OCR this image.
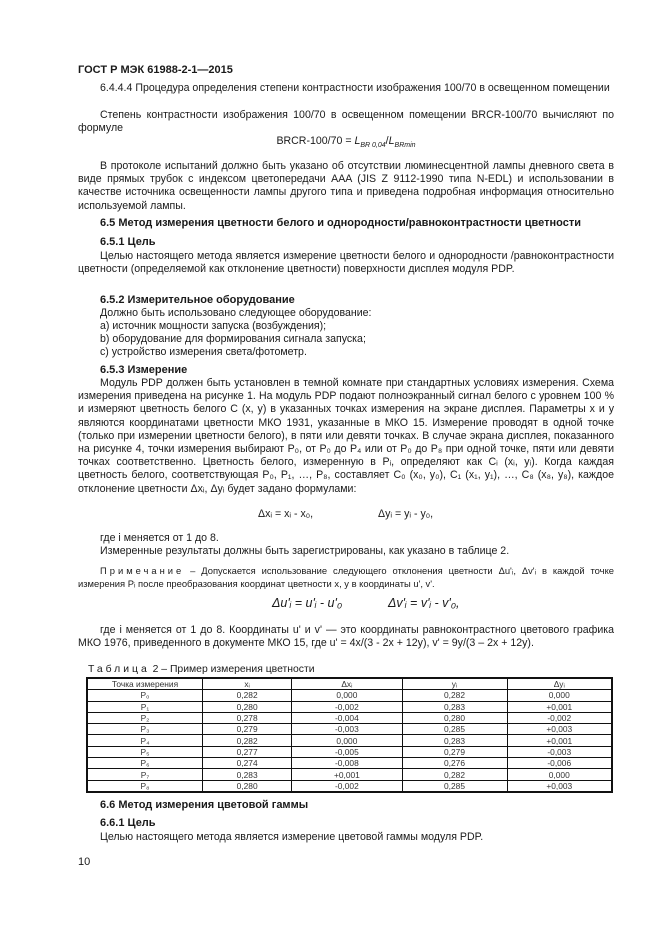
ГОСТ Р МЭК 61988-2-1—2015
6.4.4.4 Процедура определения степени контрастности изображения 100/70 в освещенном помещении
Степень контрастности изображения 100/70 в освещенном помещении BRCR-100/70 вычисляют по формуле
BRCR-100/70 = $L_{BR 0,04}/L_{BRmin}$
В протоколе испытаний должно быть указано об отсутствии люминесцентной лампы дневного света в виде прямых трубок с индексом цветопередачи AAA (JIS Z 9112-1990 типа N-EDL) и использовании в качестве источника освещенности лампы другого типа и приведена подробная информация относительно используемой лампы.
6.5 Метод измерения цветности белого и однородности/равноконтрастности цветности
6.5.1 Цель
Целью настоящего метода является измерение цветности белого и однородности /равноконтрастности цветности (определяемой как отклонение цветности) поверхности дисплея модуля PDP.
6.5.2 Измерительное оборудование
Должно быть использовано следующее оборудование:
a) источник мощности запуска (возбуждения);
b) оборудование для формирования сигнала запуска;
c) устройство измерения света/фотометр.
6.5.3 Измерение
Модуль PDP должен быть установлен в темной комнате при стандартных условиях измерения. Схема измерения приведена на рисунке 1. На модуль PDP подают полноэкранный сигнал белого с уровнем 100 % и измеряют цветность белого C (x, y) в указанных точках измерения на экране дисплея. Параметры x и y являются координатами цветности МКО 1931, указанные в МКО 15. Измерение проводят в одной точке (только при измерении цветности белого), в пяти или девяти точках. В случае экрана дисплея, показанного на рисунке 4, точки измерения выбирают P₀, от P₀ до P₄ или от P₀ до P₈ при одной точке, пяти или девяти точках соответственно. Цветность белого, измеренную в Pᵢ, определяют как Cᵢ (xᵢ, yᵢ). Когда каждая цветность белого, соответствующая P₀, P₁, …, P₈, составляет C₀ (x₀, y₀), C₁ (x₁, y₁), …, C₈ (x₈, y₈), каждое отклонение цветности Δxᵢ, Δyᵢ будет задано формулами:
Δxᵢ = xᵢ - x₀,	Δyᵢ = yᵢ - y₀,
где i меняется от 1 до 8.
Измеренные результаты должны быть зарегистрированы, как указано в таблице 2.
Примечание – Допускается использование следующего отклонения цветности Δu'ᵢ, Δv'ᵢ в каждой точке измерения Pᵢ после преобразования координат цветности x, y в координаты u', v'.
Δu'ᵢ = u'ᵢ - u'₀	Δv'ᵢ = v'ᵢ - v'₀,
где i меняется от 1 до 8. Координаты u' и v' — это координаты равноконтрастного цветового графика МКО 1976, приведенного в документе МКО 15, где u' = 4x/(3 - 2x + 12y), v' = 9y/(3 – 2x + 12y).
Таблица 2 – Пример измерения цветности
Точка измерения	xᵢ	Δxᵢ	yᵢ	Δyᵢ
P₀	0,282	0,000	0,282	0,000
P₁	0,280	-0,002	0,283	+0,001
P₂	0,278	-0,004	0,280	-0,002
P₃	0,279	-0,003	0,285	+0,003
P₄	0,282	0,000	0,283	+0,001
P₅	0,277	-0,005	0,279	-0,003
P₆	0,274	-0,008	0,276	-0,006
P₇	0,283	+0,001	0,282	0,000
P₈	0,280	-0,002	0,285	+0,003
6.6 Метод измерения цветовой гаммы
6.6.1 Цель
Целью настоящего метода является измерение цветовой гаммы модуля PDP.
10
